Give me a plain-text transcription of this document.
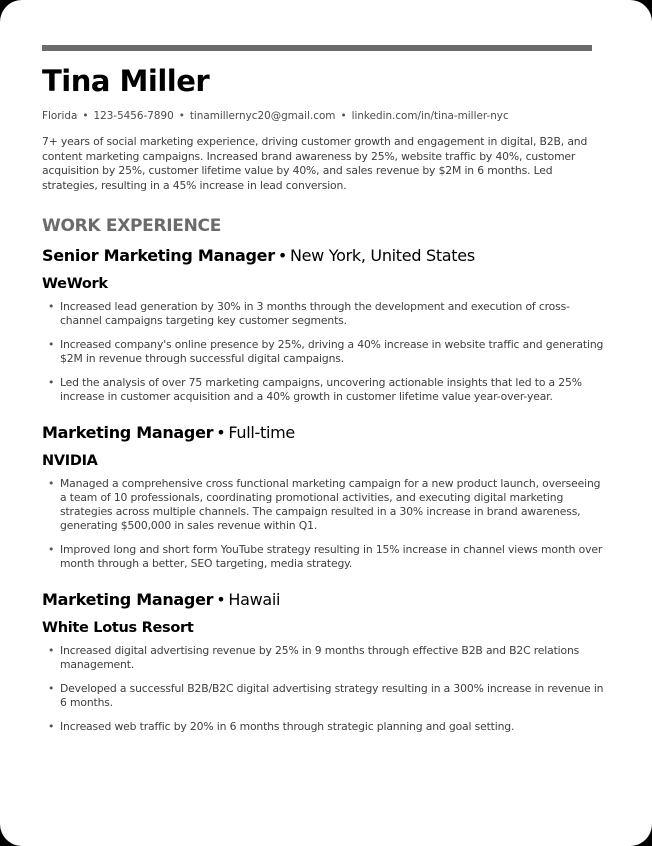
Tina Miller
Florida • 123-5456-7890 • tinamillernyc20@gmail.com • linkedin.com/in/tina-miller-nyc

7+ years of social marketing experience, driving customer growth and engagement in digital, B2B, and content marketing campaigns. Increased brand awareness by 25%, website traffic by 40%, customer acquisition by 25%, customer lifetime value by 40%, and sales revenue by $2M in 6 months. Led strategies, resulting in a 45% increase in lead conversion.

WORK EXPERIENCE
Senior Marketing Manager • New York, United States
WeWork
• Increased lead generation by 30% in 3 months through the development and execution of cross-channel campaigns targeting key customer segments.
• Increased company's online presence by 25%, driving a 40% increase in website traffic and generating $2M in revenue through successful digital campaigns.
• Led the analysis of over 75 marketing campaigns, uncovering actionable insights that led to a 25% increase in customer acquisition and a 40% growth in customer lifetime value year-over-year.
Marketing Manager • Full-time
NVIDIA
• Managed a comprehensive cross functional marketing campaign for a new product launch, overseeing a team of 10 professionals, coordinating promotional activities, and executing digital marketing strategies across multiple channels. The campaign resulted in a 30% increase in brand awareness, generating $500,000 in sales revenue within Q1.
• Improved long and short form YouTube strategy resulting in 15% increase in channel views month over month through a better, SEO targeting, media strategy.
Marketing Manager • Hawaii
White Lotus Resort
• Increased digital advertising revenue by 25% in 9 months through effective B2B and B2C relations management.
• Developed a successful B2B/B2C digital advertising strategy resulting in a 300% increase in revenue in 6 months.
• Increased web traffic by 20% in 6 months through strategic planning and goal setting.
